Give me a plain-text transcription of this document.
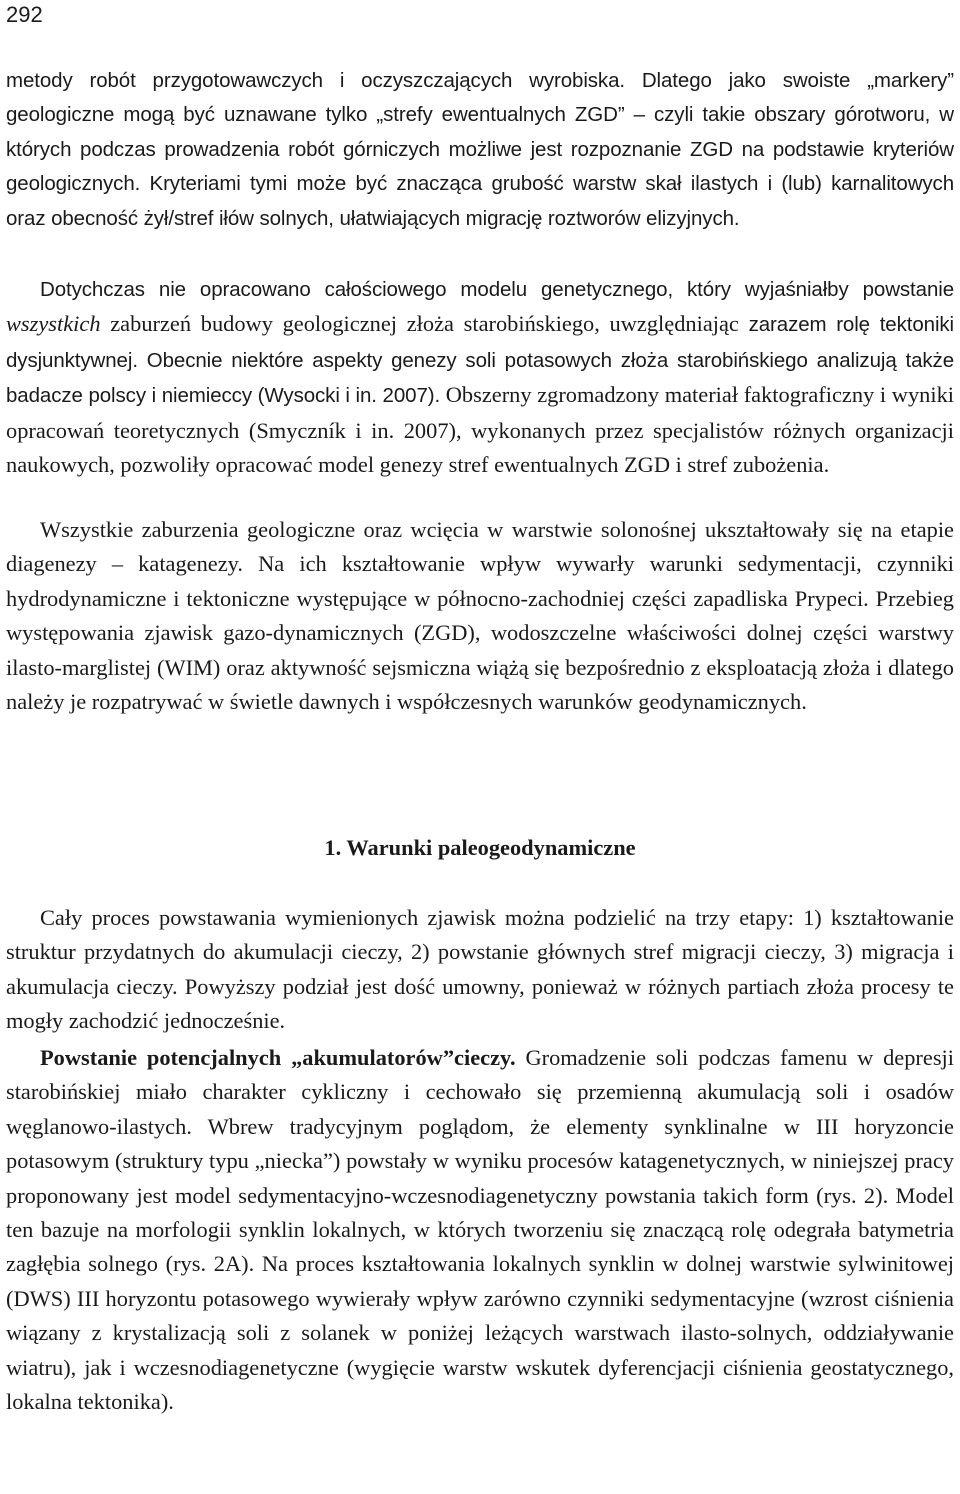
292

metody robót przygotowawczych i oczyszczających wyrobiska. Dlatego jako swoiste „markery” geologiczne mogą być uznawane tylko „strefy ewentualnych ZGD” – czyli takie obszary górotworu, w których podczas prowadzenia robót górniczych możliwe jest rozpoznanie ZGD na podstawie kryteriów geologicznych. Kryteriami tymi może być znacząca grubość warstw skał ilastych i (lub) karnalitowych oraz obecność żył/stref iłów solnych, ułatwiających migrację roztworów elizyjnych.

Dotychczas nie opracowano całościowego modelu genetycznego, który wyjaśniałby powstanie wszystkich zaburzeń budowy geologicznej złoża starobińskiego, uwzględniając zarazem rolę tektoniki dysjunktywnej. Obecnie niektóre aspekty genezy soli potasowych złoża starobińskiego analizują także badacze polscy i niemieccy (Wysocki i in. 2007). Obszerny zgromadzony materiał faktograficzny i wyniki opracowań teoretycznych (Smyczník i in. 2007), wykonanych przez specjalistów różnych organizacji naukowych, pozwoliły opracować model genezy stref ewentualnych ZGD i stref zubożenia.

Wszystkie zaburzenia geologiczne oraz wcięcia w warstwie solonośnej ukształtowały się na etapie diagenezy – katagenezy. Na ich kształtowanie wpływ wywarły warunki sedymentacji, czynniki hydrodynamiczne i tektoniczne występujące w północno-zachodniej części zapadliska Prypeci. Przebieg występowania zjawisk gazo-dynamicznych (ZGD), wodoszczelne właściwości dolnej części warstwy ilasto-marglistej (WIM) oraz aktywność sejsmiczna wiążą się bezpośrednio z eksploatacją złoża i dlatego należy je rozpatrywać w świetle dawnych i współczesnych warunków geodynamicznych.

1. Warunki paleogeodynamiczne

Cały proces powstawania wymienionych zjawisk można podzielić na trzy etapy: 1) kształtowanie struktur przydatnych do akumulacji cieczy, 2) powstanie głównych stref migracji cieczy, 3) migracja i akumulacja cieczy. Powyższy podział jest dość umowny, ponieważ w różnych partiach złoża procesy te mogły zachodzić jednocześnie.

Powstanie potencjalnych „akumulatorów”cieczy. Gromadzenie soli podczas famenu w depresji starobińskiej miało charakter cykliczny i cechowało się przemienną akumulacją soli i osadów węglanowo-ilastych. Wbrew tradycyjnym poglądom, że elementy synklinalne w III horyzoncie potasowym (struktury typu „niecka”) powstały w wyniku procesów katagenetycznych, w niniejszej pracy proponowany jest model sedymentacyjno-wczesnodiagenetyczny powstania takich form (rys. 2). Model ten bazuje na morfologii synklin lokalnych, w których tworzeniu się znaczącą rolę odegrała batymetria zagłębia solnego (rys. 2A). Na proces kształtowania lokalnych synklin w dolnej warstwie sylwinitowej (DWS) III horyzontu potasowego wywierały wpływ zarówno czynniki sedymentacyjne (wzrost ciśnienia wiązany z krystalizacją soli z solanek w poniżej leżących warstwach ilasto-solnych, oddziaływanie wiatru), jak i wczesnodiagenetyczne (wygięcie warstw wskutek dyferencjacji ciśnienia geostatycznego, lokalna tektonika).
